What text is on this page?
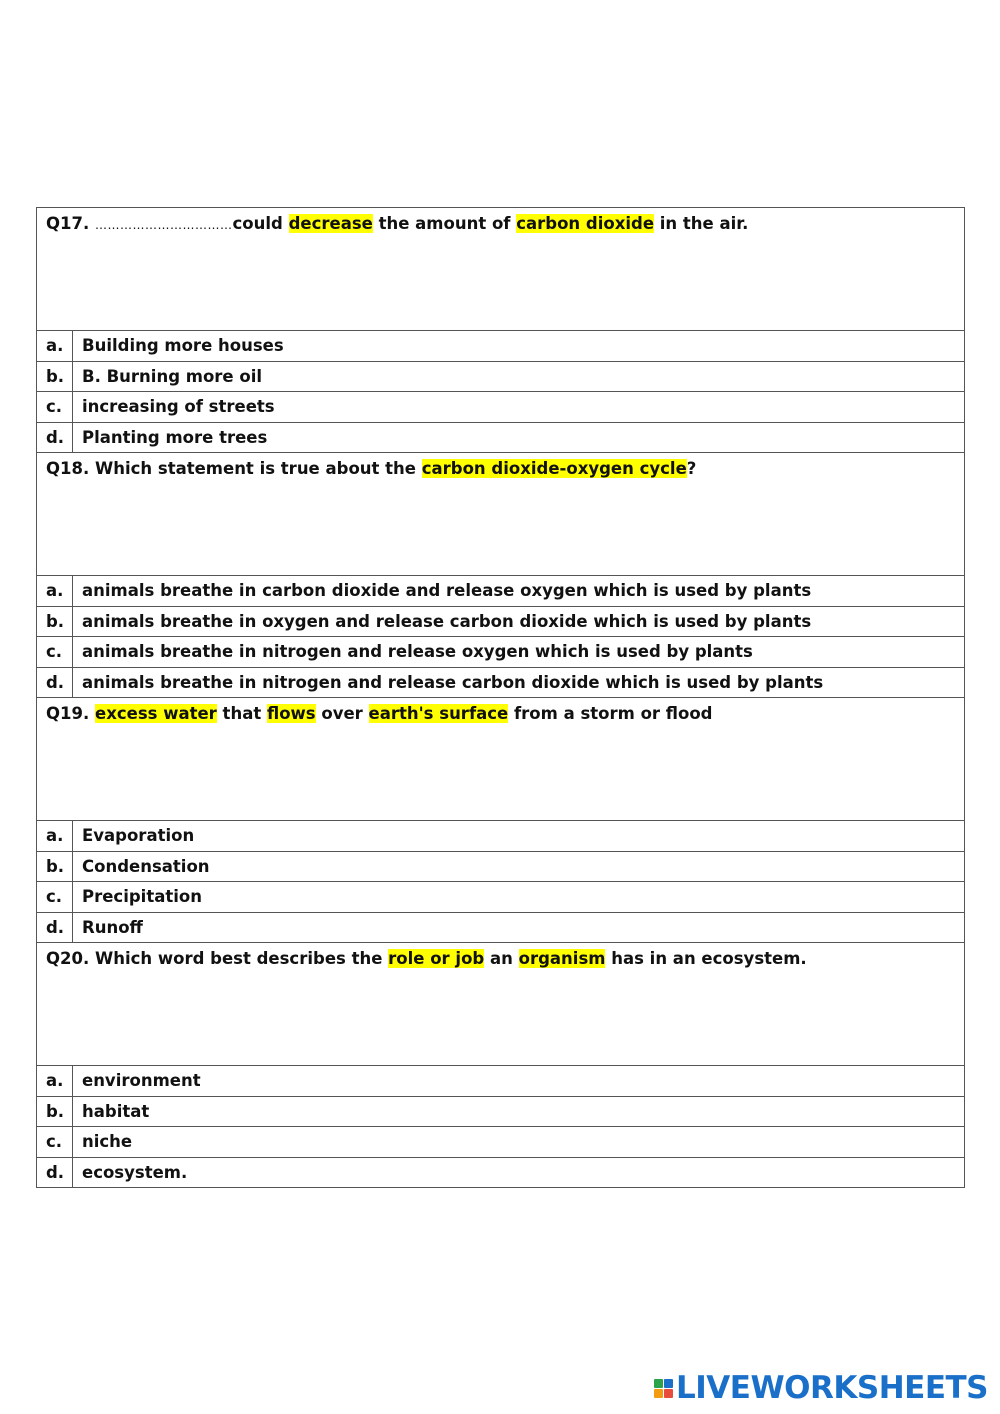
Q17. ……………………………could decrease the amount of carbon dioxide in the air.	
a.	Building more houses
b.	B. Burning more oil
c.	increasing of streets
d.	Planting more trees
Q18. Which statement is true about the carbon dioxide-oxygen cycle?	
a.	animals breathe in carbon dioxide and release oxygen which is used by plants
b.	animals breathe in oxygen and release carbon dioxide which is used by plants
c.	animals breathe in nitrogen and release oxygen which is used by plants
d.	animals breathe in nitrogen and release carbon dioxide which is used by plants
Q19. excess water that flows over earth's surface from a storm or flood	
a.	Evaporation
b.	Condensation
c.	Precipitation
d.	Runoff
Q20. Which word best describes the role or job an organism has in an ecosystem.	
a.	environment
b.	habitat
c.	niche
d.	ecosystem.
LIVEWORKSHEETS
